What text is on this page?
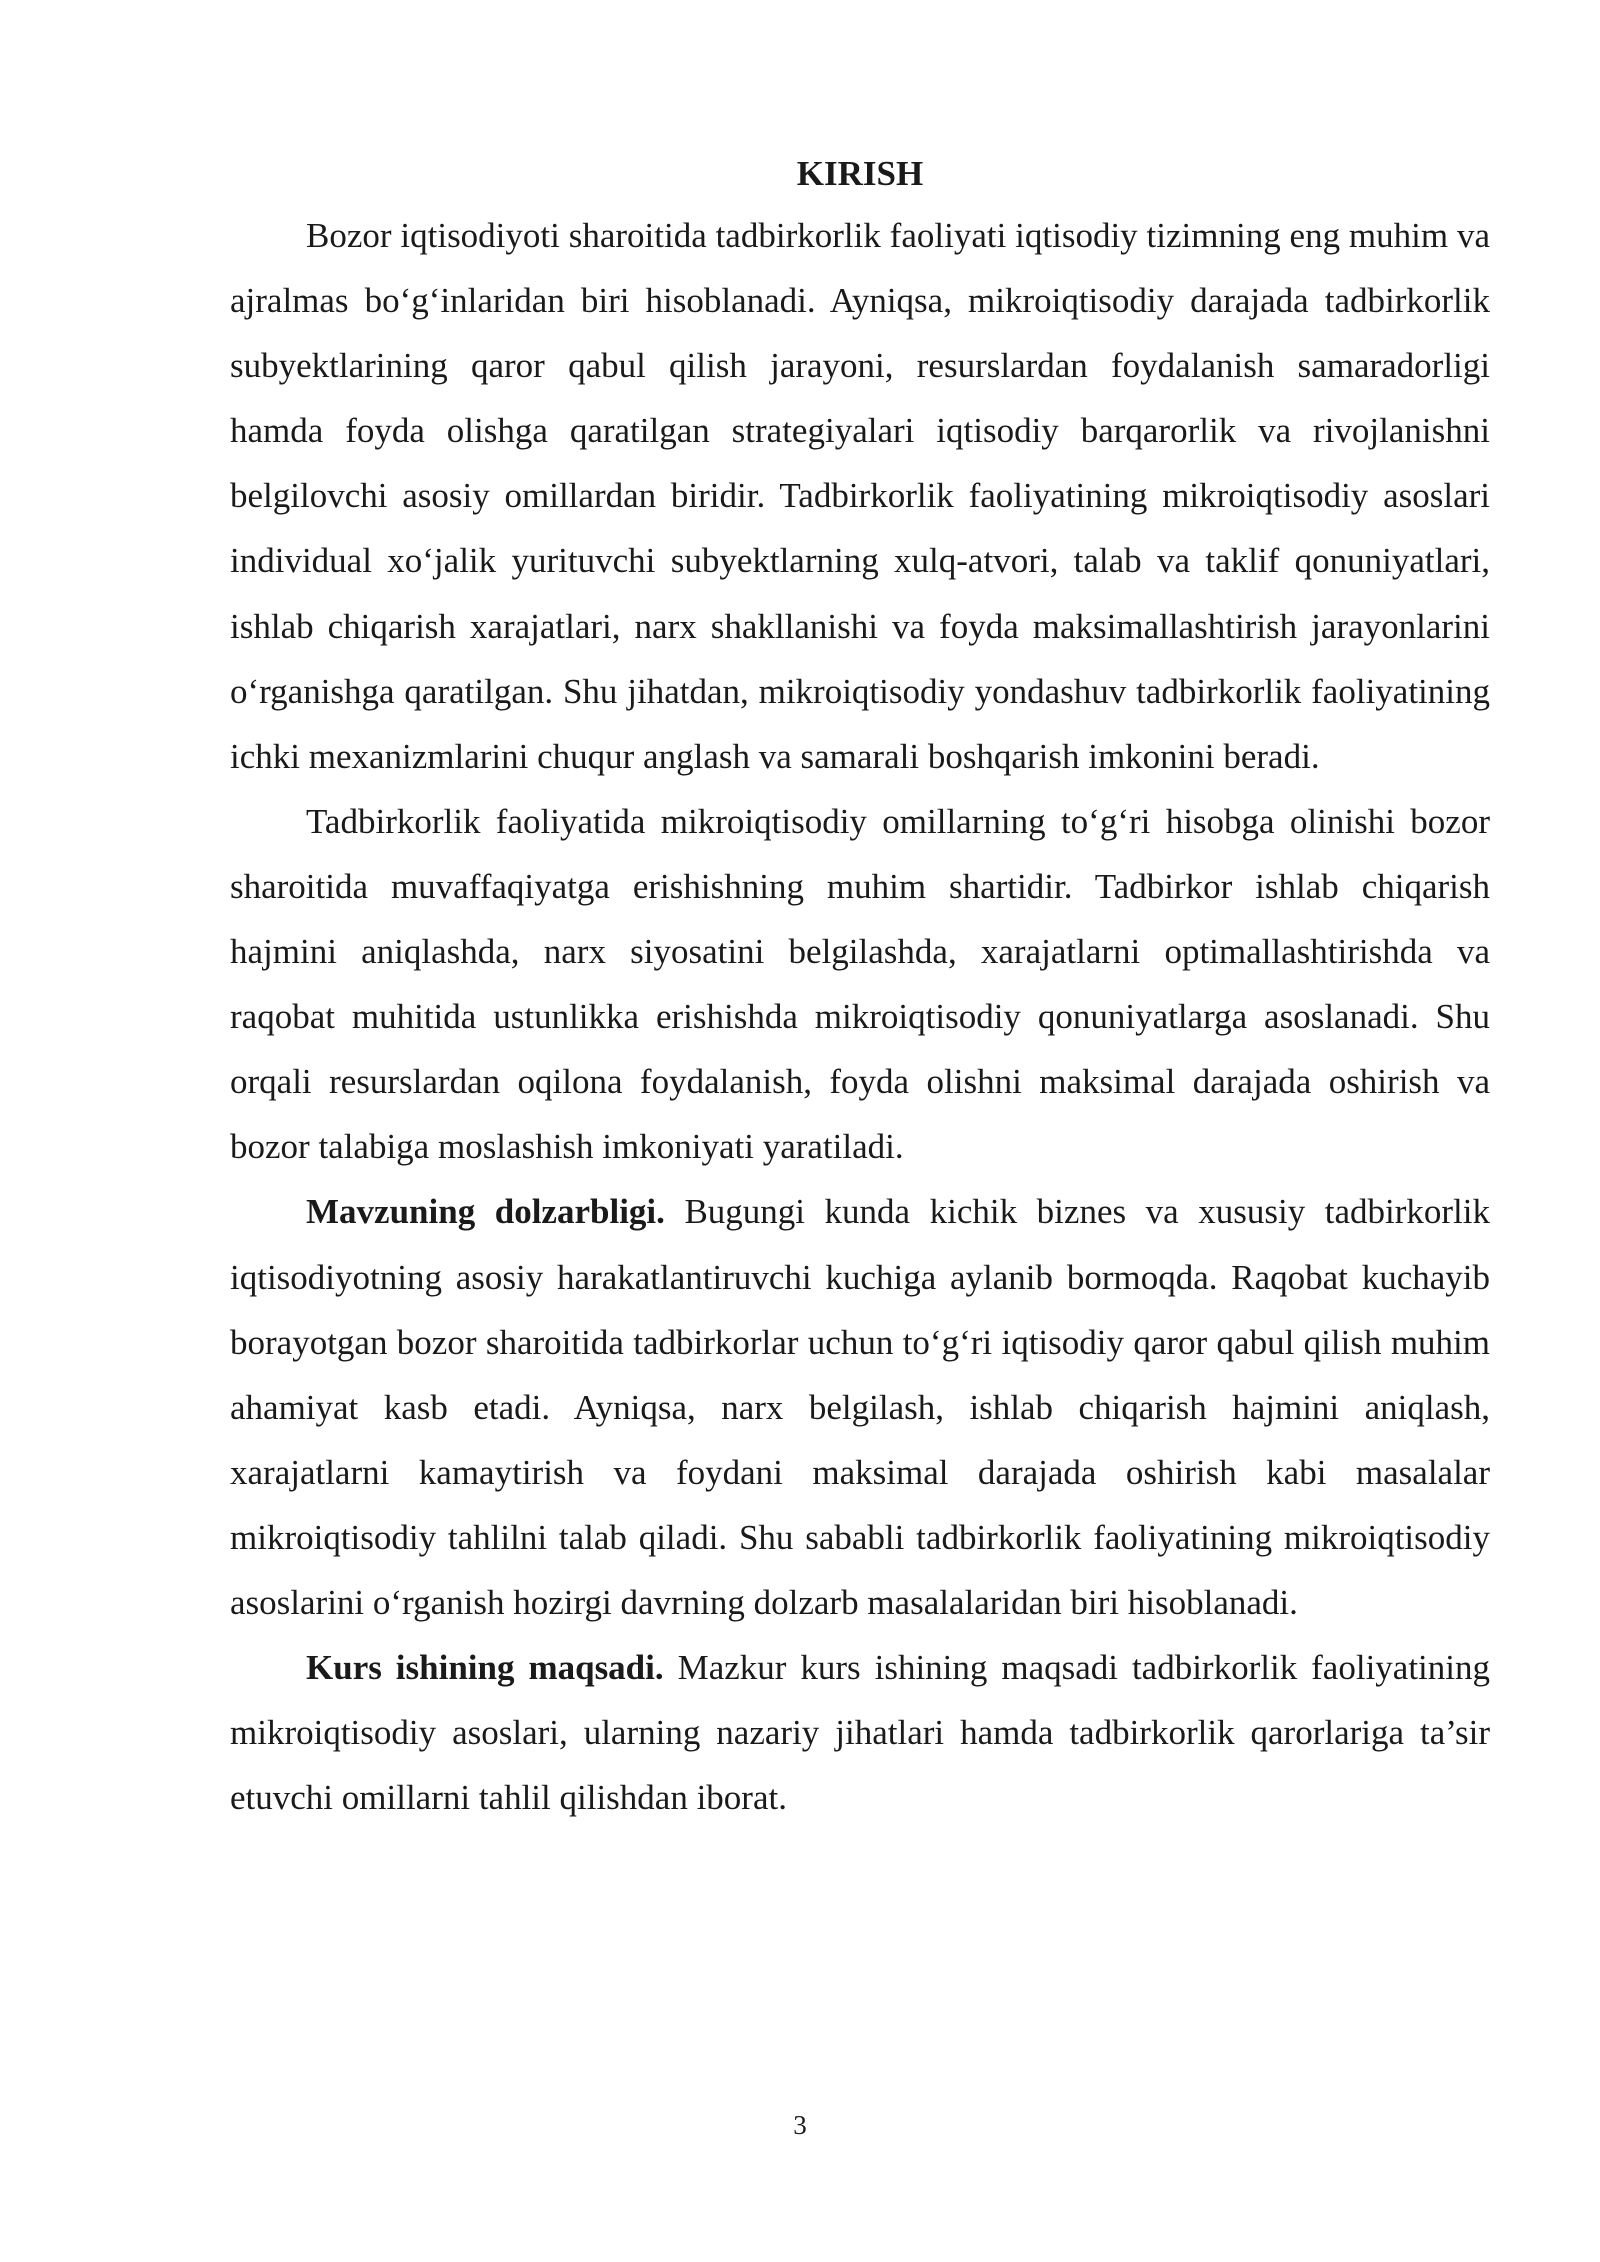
KIRISH

Bozor iqtisodiyoti sharoitida tadbirkorlik faoliyati iqtisodiy tizimning eng muhim va ajralmas bo‘g‘inlaridan biri hisoblanadi. Ayniqsa, mikroiqtisodiy darajada tadbirkorlik subyektlarining qaror qabul qilish jarayoni, resurslardan foydalanish samaradorligi hamda foyda olishga qaratilgan strategiyalari iqtisodiy barqarorlik va rivojlanishni belgilovchi asosiy omillardan biridir. Tadbirkorlik faoliyatining mikroiqtisodiy asoslari individual xo‘jalik yurituvchi subyektlarning xulq-atvori, talab va taklif qonuniyatlari, ishlab chiqarish xarajatlari, narx shakllanishi va foyda maksimallashtirish jarayonlarini o‘rganishga qaratilgan. Shu jihatdan, mikroiqtisodiy yondashuv tadbirkorlik faoliyatining ichki mexanizmlarini chuqur anglash va samarali boshqarish imkonini beradi.

Tadbirkorlik faoliyatida mikroiqtisodiy omillarning to‘g‘ri hisobga olinishi bozor sharoitida muvaffaqiyatga erishishning muhim shartidir. Tadbirkor ishlab chiqarish hajmini aniqlashda, narx siyosatini belgilashda, xarajatlarni optimallashtirishda va raqobat muhitida ustunlikka erishishda mikroiqtisodiy qonuniyatlarga asoslanadi. Shu orqali resurslardan oqilona foydalanish, foyda olishni maksimal darajada oshirish va bozor talabiga moslashish imkoniyati yaratiladi.

Mavzuning dolzarbligi. Bugungi kunda kichik biznes va xususiy tadbirkorlik iqtisodiyotning asosiy harakatlantiruvchi kuchiga aylanib bormoqda. Raqobat kuchayib borayotgan bozor sharoitida tadbirkorlar uchun to‘g‘ri iqtisodiy qaror qabul qilish muhim ahamiyat kasb etadi. Ayniqsa, narx belgilash, ishlab chiqarish hajmini aniqlash, xarajatlarni kamaytirish va foydani maksimal darajada oshirish kabi masalalar mikroiqtisodiy tahlilni talab qiladi. Shu sababli tadbirkorlik faoliyatining mikroiqtisodiy asoslarini o‘rganish hozirgi davrning dolzarb masalalaridan biri hisoblanadi.

Kurs ishining maqsadi. Mazkur kurs ishining maqsadi tadbirkorlik faoliyatining mikroiqtisodiy asoslari, ularning nazariy jihatlari hamda tadbirkorlik qarorlariga ta’sir etuvchi omillarni tahlil qilishdan iborat.

3
